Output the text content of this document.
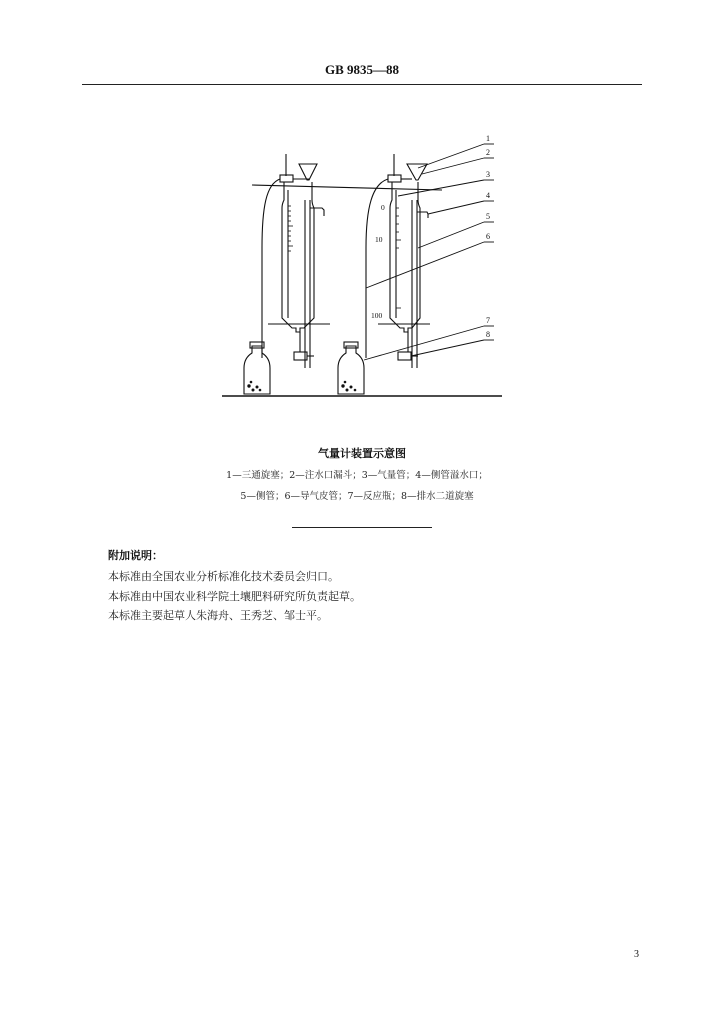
GB 9835—88
1
2
3
4
5
6
7
8
0
10
100
气量计装置示意图
1—三通旋塞；2—注水口漏斗；3—气量管；4—侧管溢水口；
5—侧管；6—导气皮管；7—反应瓶；8—排水二道旋塞
附加说明：
本标准由全国农业分析标准化技术委员会归口。
本标准由中国农业科学院土壤肥料研究所负责起草。
本标准主要起草人朱海舟、王秀芝、邹士平。
3
